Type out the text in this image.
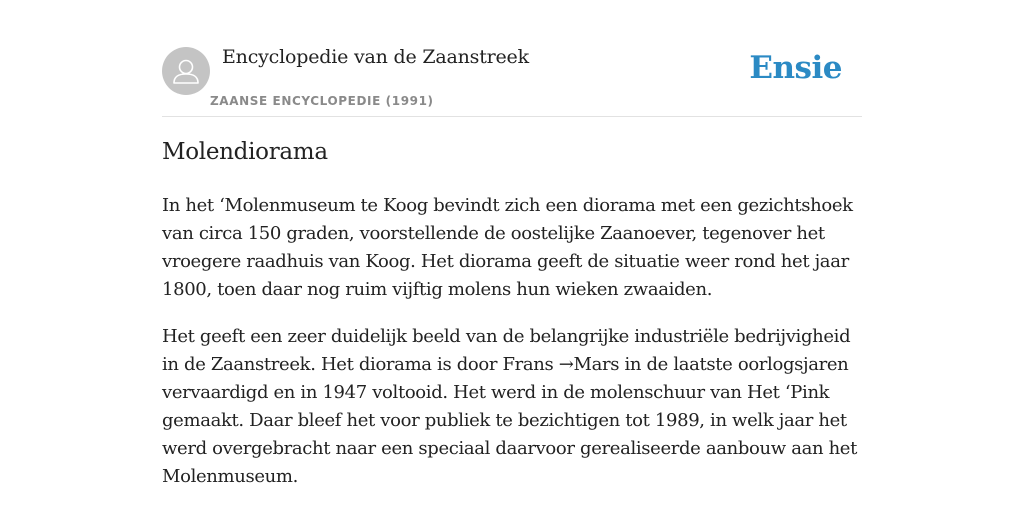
Encyclopedie van de Zaanstreek
ZAANSE ENCYCLOPEDIE (1991)
Ensie
Molendiorama

In het ‘Molenmuseum te Koog bevindt zich een diorama met een gezichtshoek van circa 150 graden, voorstellende de oostelijke Zaanoever, tegenover het vroegere raadhuis van Koog. Het diorama geeft de situatie weer rond het jaar 1800, toen daar nog ruim vijftig molens hun wieken zwaaiden.

Het geeft een zeer duidelijk beeld van de belangrijke industriële bedrijvigheid in de Zaanstreek. Het diorama is door Frans →Mars in de laatste oorlogsjaren vervaardigd en in 1947 voltooid. Het werd in de molenschuur van Het ‘Pink gemaakt. Daar bleef het voor publiek te bezichtigen tot 1989, in welk jaar het werd overgebracht naar een speciaal daarvoor gerealiseerde aanbouw aan het Molenmuseum.
